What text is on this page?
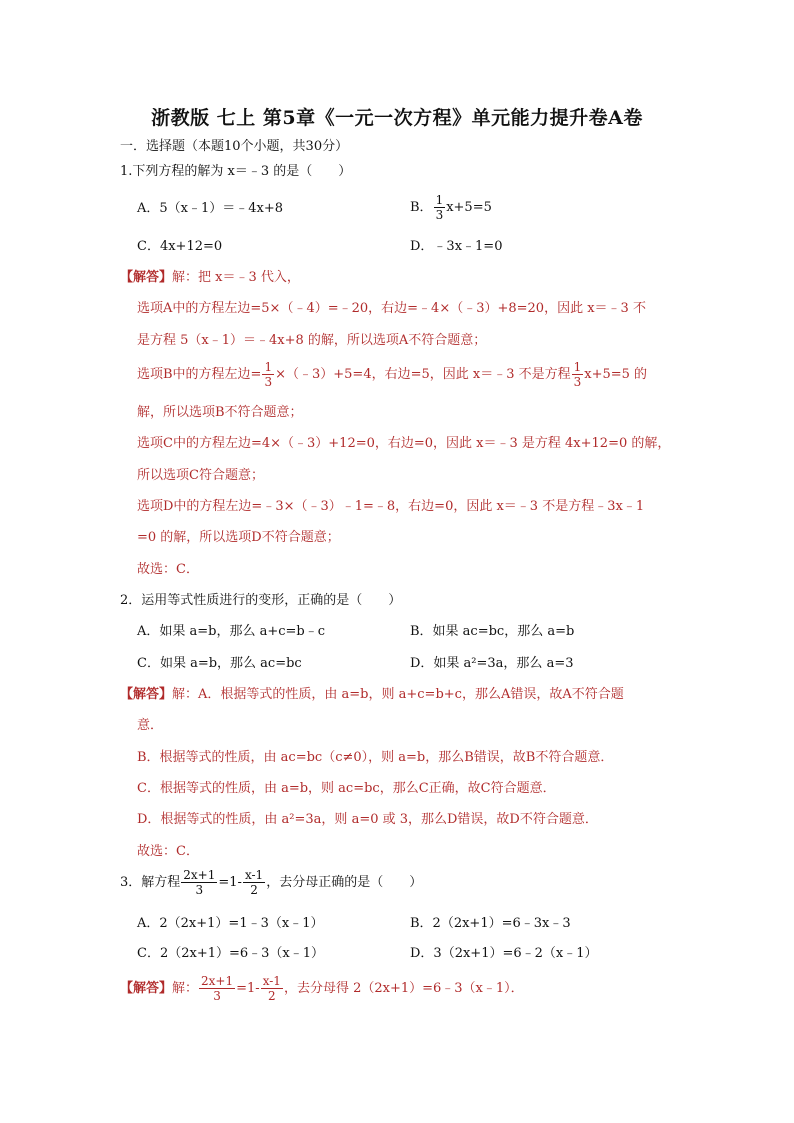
浙教版 七上 第5章《一元一次方程》单元能力提升卷A卷
一．选择题（本题10个小题，共30分）
1.下列方程的解为 x＝﹣3 的是（　　）
A．5（x﹣1）＝﹣4x+8	B． $\frac{1}{3} x+5=5$
C．4x+12=0	D．﹣3x﹣1=0
【解答】解：把 x＝﹣3 代入，
选项A中的方程左边=5×（﹣4）=﹣20，右边=﹣4×（﹣3）+8=20，因此 x＝﹣3 不
是方程 5（x﹣1）＝﹣4x+8 的解，所以选项A不符合题意；
选项B中的方程左边= $\frac{1}{3}$ ×（﹣3）+5=4，右边=5，因此 x＝﹣3 不是方程 $\frac{1}{3} x+5=5$ 的
解，所以选项B不符合题意；
选项C中的方程左边=4×（﹣3）+12=0，右边=0，因此 x＝﹣3 是方程 4x+12=0 的解，
所以选项C符合题意；
选项D中的方程左边=﹣3×（﹣3）﹣1=﹣8，右边=0，因此 x＝﹣3 不是方程﹣3x﹣1
=0 的解，所以选项D不符合题意；
故选：C．
2．运用等式性质进行的变形，正确的是（　　）
A．如果 a=b，那么 a+c=b﹣c	B．如果 ac=bc，那么 a=b
C．如果 a=b，那么 ac=bc	D．如果 a²=3a，那么 a=3
【解答】解：A．根据等式的性质，由 a=b，则 a+c=b+c，那么A错误，故A不符合题
意．
B．根据等式的性质，由 ac=bc（c≠0），则 a=b，那么B错误，故B不符合题意．
C．根据等式的性质，由 a=b，则 ac=bc，那么C正确，故C符合题意．
D．根据等式的性质，由 a²=3a，则 a=0 或 3，那么D错误，故D不符合题意．
故选：C．
3．解方程 $\frac{2x+1}{3} =1- \frac{x-1}{2}$ ，去分母正确的是（　　）
A．2（2x+1）=1﹣3（x﹣1）	B．2（2x+1）=6﹣3x﹣3
C．2（2x+1）=6﹣3（x﹣1）	D．3（2x+1）=6﹣2（x﹣1）
【解答】解： $\frac{2x+1}{3} =1- \frac{x-1}{2}$ ，去分母得 2（2x+1）=6﹣3（x﹣1）．
